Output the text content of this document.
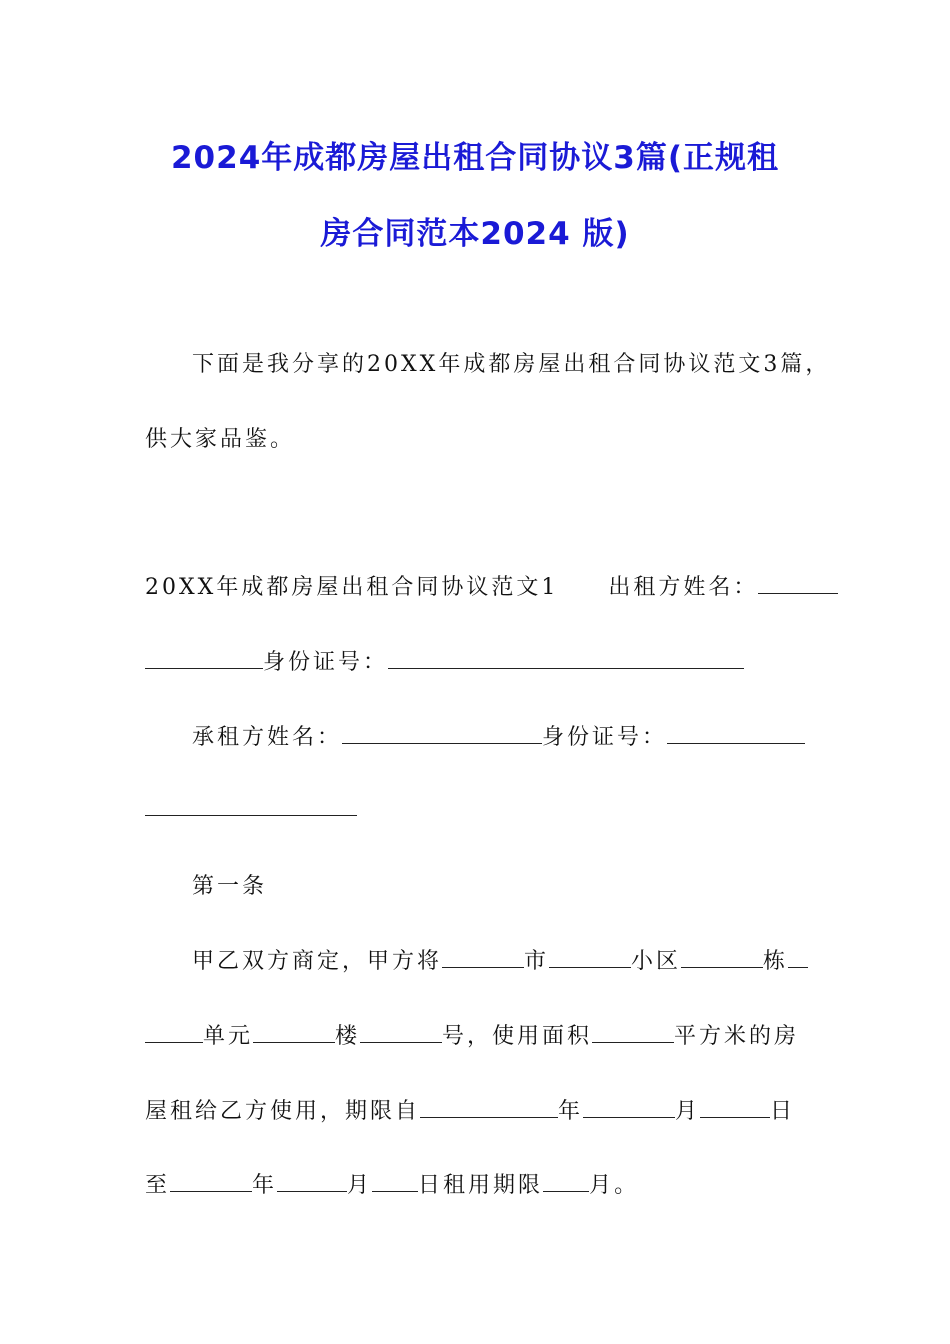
2024年成都房屋出租合同协议3篇(正规租
房合同范本2024 版)
下面是我分享的20XX年成都房屋出租合同协议范文3篇，
供大家品鉴。
20XX年成都房屋出租合同协议范文1 出租方姓名：
身份证号：
承租方姓名：	身份证号：
第一条
甲乙双方商定，甲方将	市	小区	栋
单元	楼	号，使用面积	平方米的房
屋租给乙方使用，期限自	年	月	日
至	年	月 日租用期限 月。
